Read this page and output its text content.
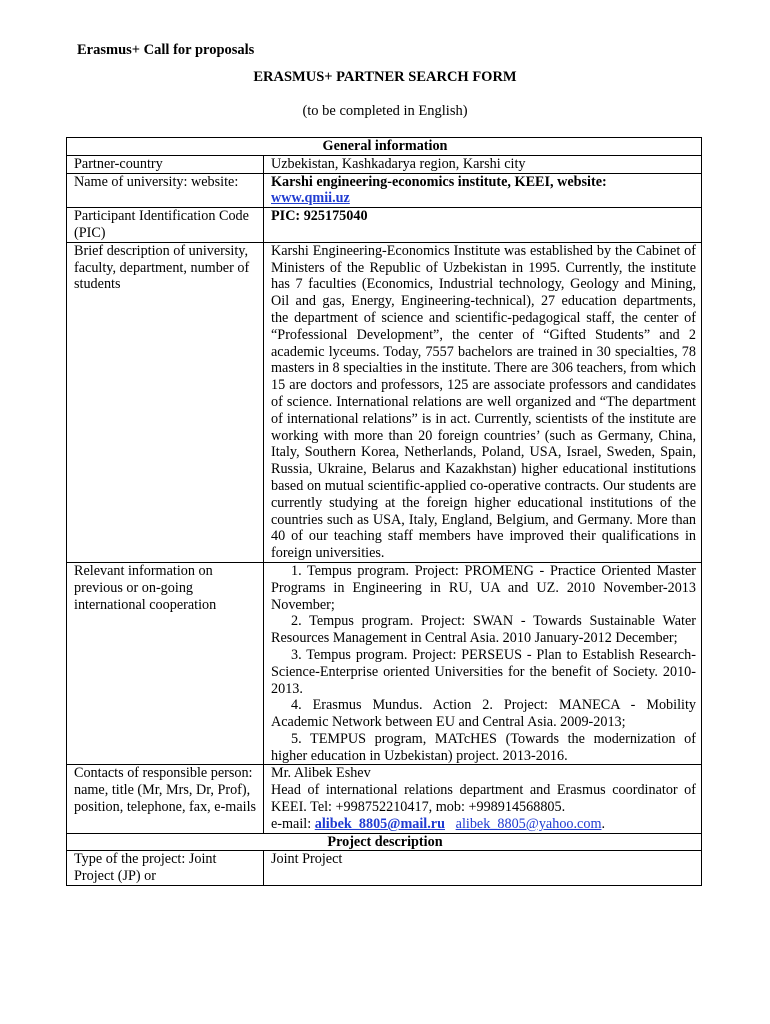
Erasmus+ Call for proposals
ERASMUS+ PARTNER SEARCH FORM
(to be completed in English)
General information	
Partner-country	Uzbekistan, Kashkadarya region, Karshi city
Name of university: website:	Karshi engineering-economics institute, KEEI, website:
www.qmii.uz
Participant Identification Code (PIC)	PIC: 925175040
Brief description of university, faculty, department, number of students	Karshi Engineering-Economics Institute was established by the Cabinet of Ministers of the Republic of Uzbekistan in 1995. Currently, the institute has 7 faculties (Economics, Industrial technology, Geology and Mining, Oil and gas, Energy, Engineering-technical), 27 education departments, the department of science and scientific-pedagogical staff, the center of “Professional Development”, the center of “Gifted Students” and 2 academic lyceums. Today, 7557 bachelors are trained in 30 specialties, 78 masters in 8 specialties in the institute. There are 306 teachers, from which 15 are doctors and professors, 125 are associate professors and candidates of science. International relations are well organized and “The department of international relations” is in act. Currently, scientists of the institute are working with more than 20 foreign countries’ (such as Germany, China, Italy, Southern Korea, Netherlands, Poland, USA, Israel, Sweden, Spain, Russia, Ukraine, Belarus and Kazakhstan) higher educational institutions based on mutual scientific-applied co-operative contracts. Our students are currently studying at the foreign higher educational institutions of the countries such as USA, Italy, England, Belgium, and Germany. More than 40 of our teaching staff members have improved their qualifications in foreign universities.

Relevant information on previous or on-going international cooperation	1. Tempus program. Project: PROMENG - Practice Oriented Master Programs in Engineering in RU, UA and UZ. 2010 November-2013 November;
2. Tempus program. Project: SWAN - Towards Sustainable Water Resources Management in Central Asia. 2010 January-2012 December;
3. Tempus program. Project: PERSEUS - Plan to Establish Research-Science-Enterprise oriented Universities for the benefit of Society. 2010-2013.
4. Erasmus Mundus. Action 2. Project: MANECA - Mobility Academic Network between EU and Central Asia. 2009-2013;
5. TEMPUS program, MATcHES (Towards the modernization of higher education in Uzbekistan) project. 2013-2016.

Contacts of responsible person: name, title (Mr, Mrs, Dr, Prof), position, telephone, fax, e-mails	Mr. Alibek Eshev
Head of international relations department and Erasmus coordinator of KEEI. Tel: +998752210417, mob: +998914568805.
e-mail: alibek_8805@mail.ru alibek_8805@yahoo.com.
Project description	
Type of the project: Joint Project (JP) or	Joint Project
